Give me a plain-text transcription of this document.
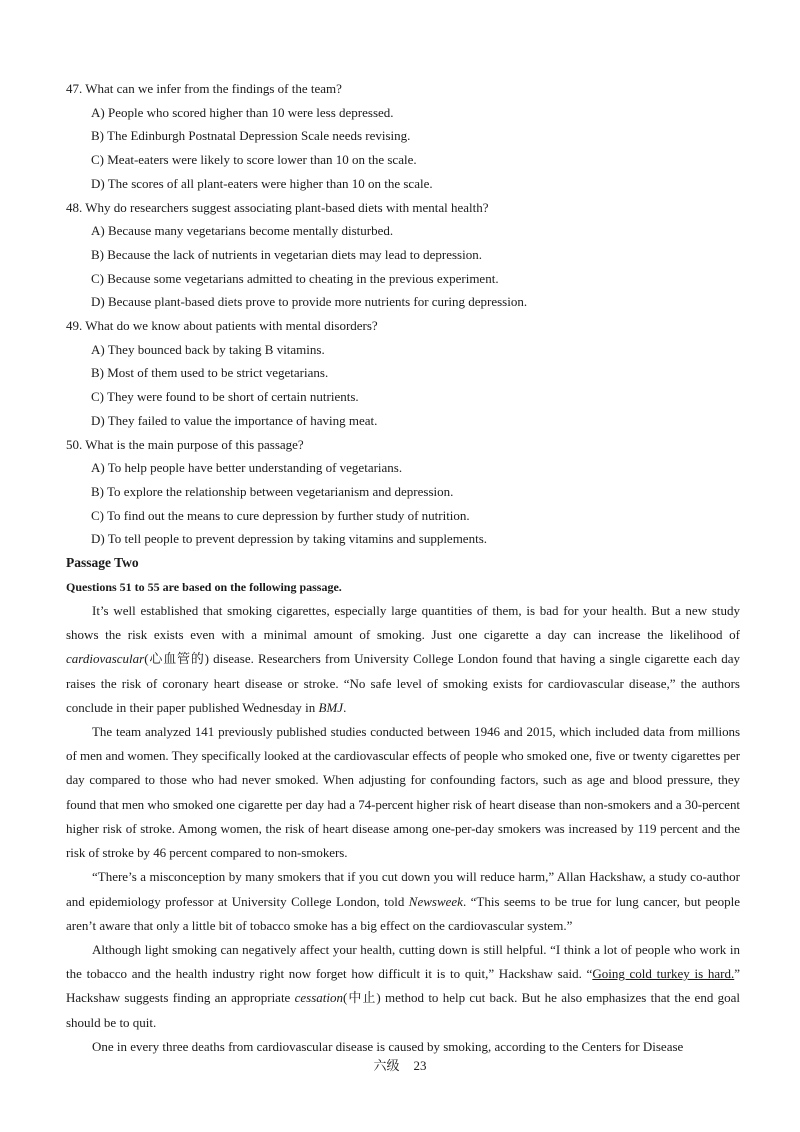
47. What can we infer from the findings of the team?
A) People who scored higher than 10 were less depressed.
B) The Edinburgh Postnatal Depression Scale needs revising.
C) Meat-eaters were likely to score lower than 10 on the scale.
D) The scores of all plant-eaters were higher than 10 on the scale.
48. Why do researchers suggest associating plant-based diets with mental health?
A) Because many vegetarians become mentally disturbed.
B) Because the lack of nutrients in vegetarian diets may lead to depression.
C) Because some vegetarians admitted to cheating in the previous experiment.
D) Because plant-based diets prove to provide more nutrients for curing depression.
49. What do we know about patients with mental disorders?
A) They bounced back by taking B vitamins.
B) Most of them used to be strict vegetarians.
C) They were found to be short of certain nutrients.
D) They failed to value the importance of having meat.
50. What is the main purpose of this passage?
A) To help people have better understanding of vegetarians.
B) To explore the relationship between vegetarianism and depression.
C) To find out the means to cure depression by further study of nutrition.
D) To tell people to prevent depression by taking vitamins and supplements.
Passage Two
Questions 51 to 55 are based on the following passage.

It’s well established that smoking cigarettes, especially large quantities of them, is bad for your health. But a new study shows the risk exists even with a minimal amount of smoking. Just one cigarette a day can increase the likelihood of cardiovascular(心血管的) disease. Researchers from University College London found that having a single cigarette each day raises the risk of coronary heart disease or stroke. “No safe level of smoking exists for cardiovascular disease,” the authors conclude in their paper published Wednesday in BMJ.

The team analyzed 141 previously published studies conducted between 1946 and 2015, which included data from millions of men and women. They specifically looked at the cardiovascular effects of people who smoked one, five or twenty cigarettes per day compared to those who had never smoked. When adjusting for confounding factors, such as age and blood pressure, they found that men who smoked one cigarette per day had a 74-percent higher risk of heart disease than non-smokers and a 30-percent higher risk of stroke. Among women, the risk of heart disease among one-per-day smokers was increased by 119 percent and the risk of stroke by 46 percent compared to non-smokers.

“There’s a misconception by many smokers that if you cut down you will reduce harm,” Allan Hackshaw, a study co-author and epidemiology professor at University College London, told Newsweek. “This seems to be true for lung cancer, but people aren’t aware that only a little bit of tobacco smoke has a big effect on the cardiovascular system.”

Although light smoking can negatively affect your health, cutting down is still helpful. “I think a lot of people who work in the tobacco and the health industry right now forget how difficult it is to quit,” Hackshaw said. “Going cold turkey is hard.” Hackshaw suggests finding an appropriate cessation(中止) method to help cut back. But he also emphasizes that the end goal should be to quit.

One in every three deaths from cardiovascular disease is caused by smoking, according to the Centers for Disease

六级 23
